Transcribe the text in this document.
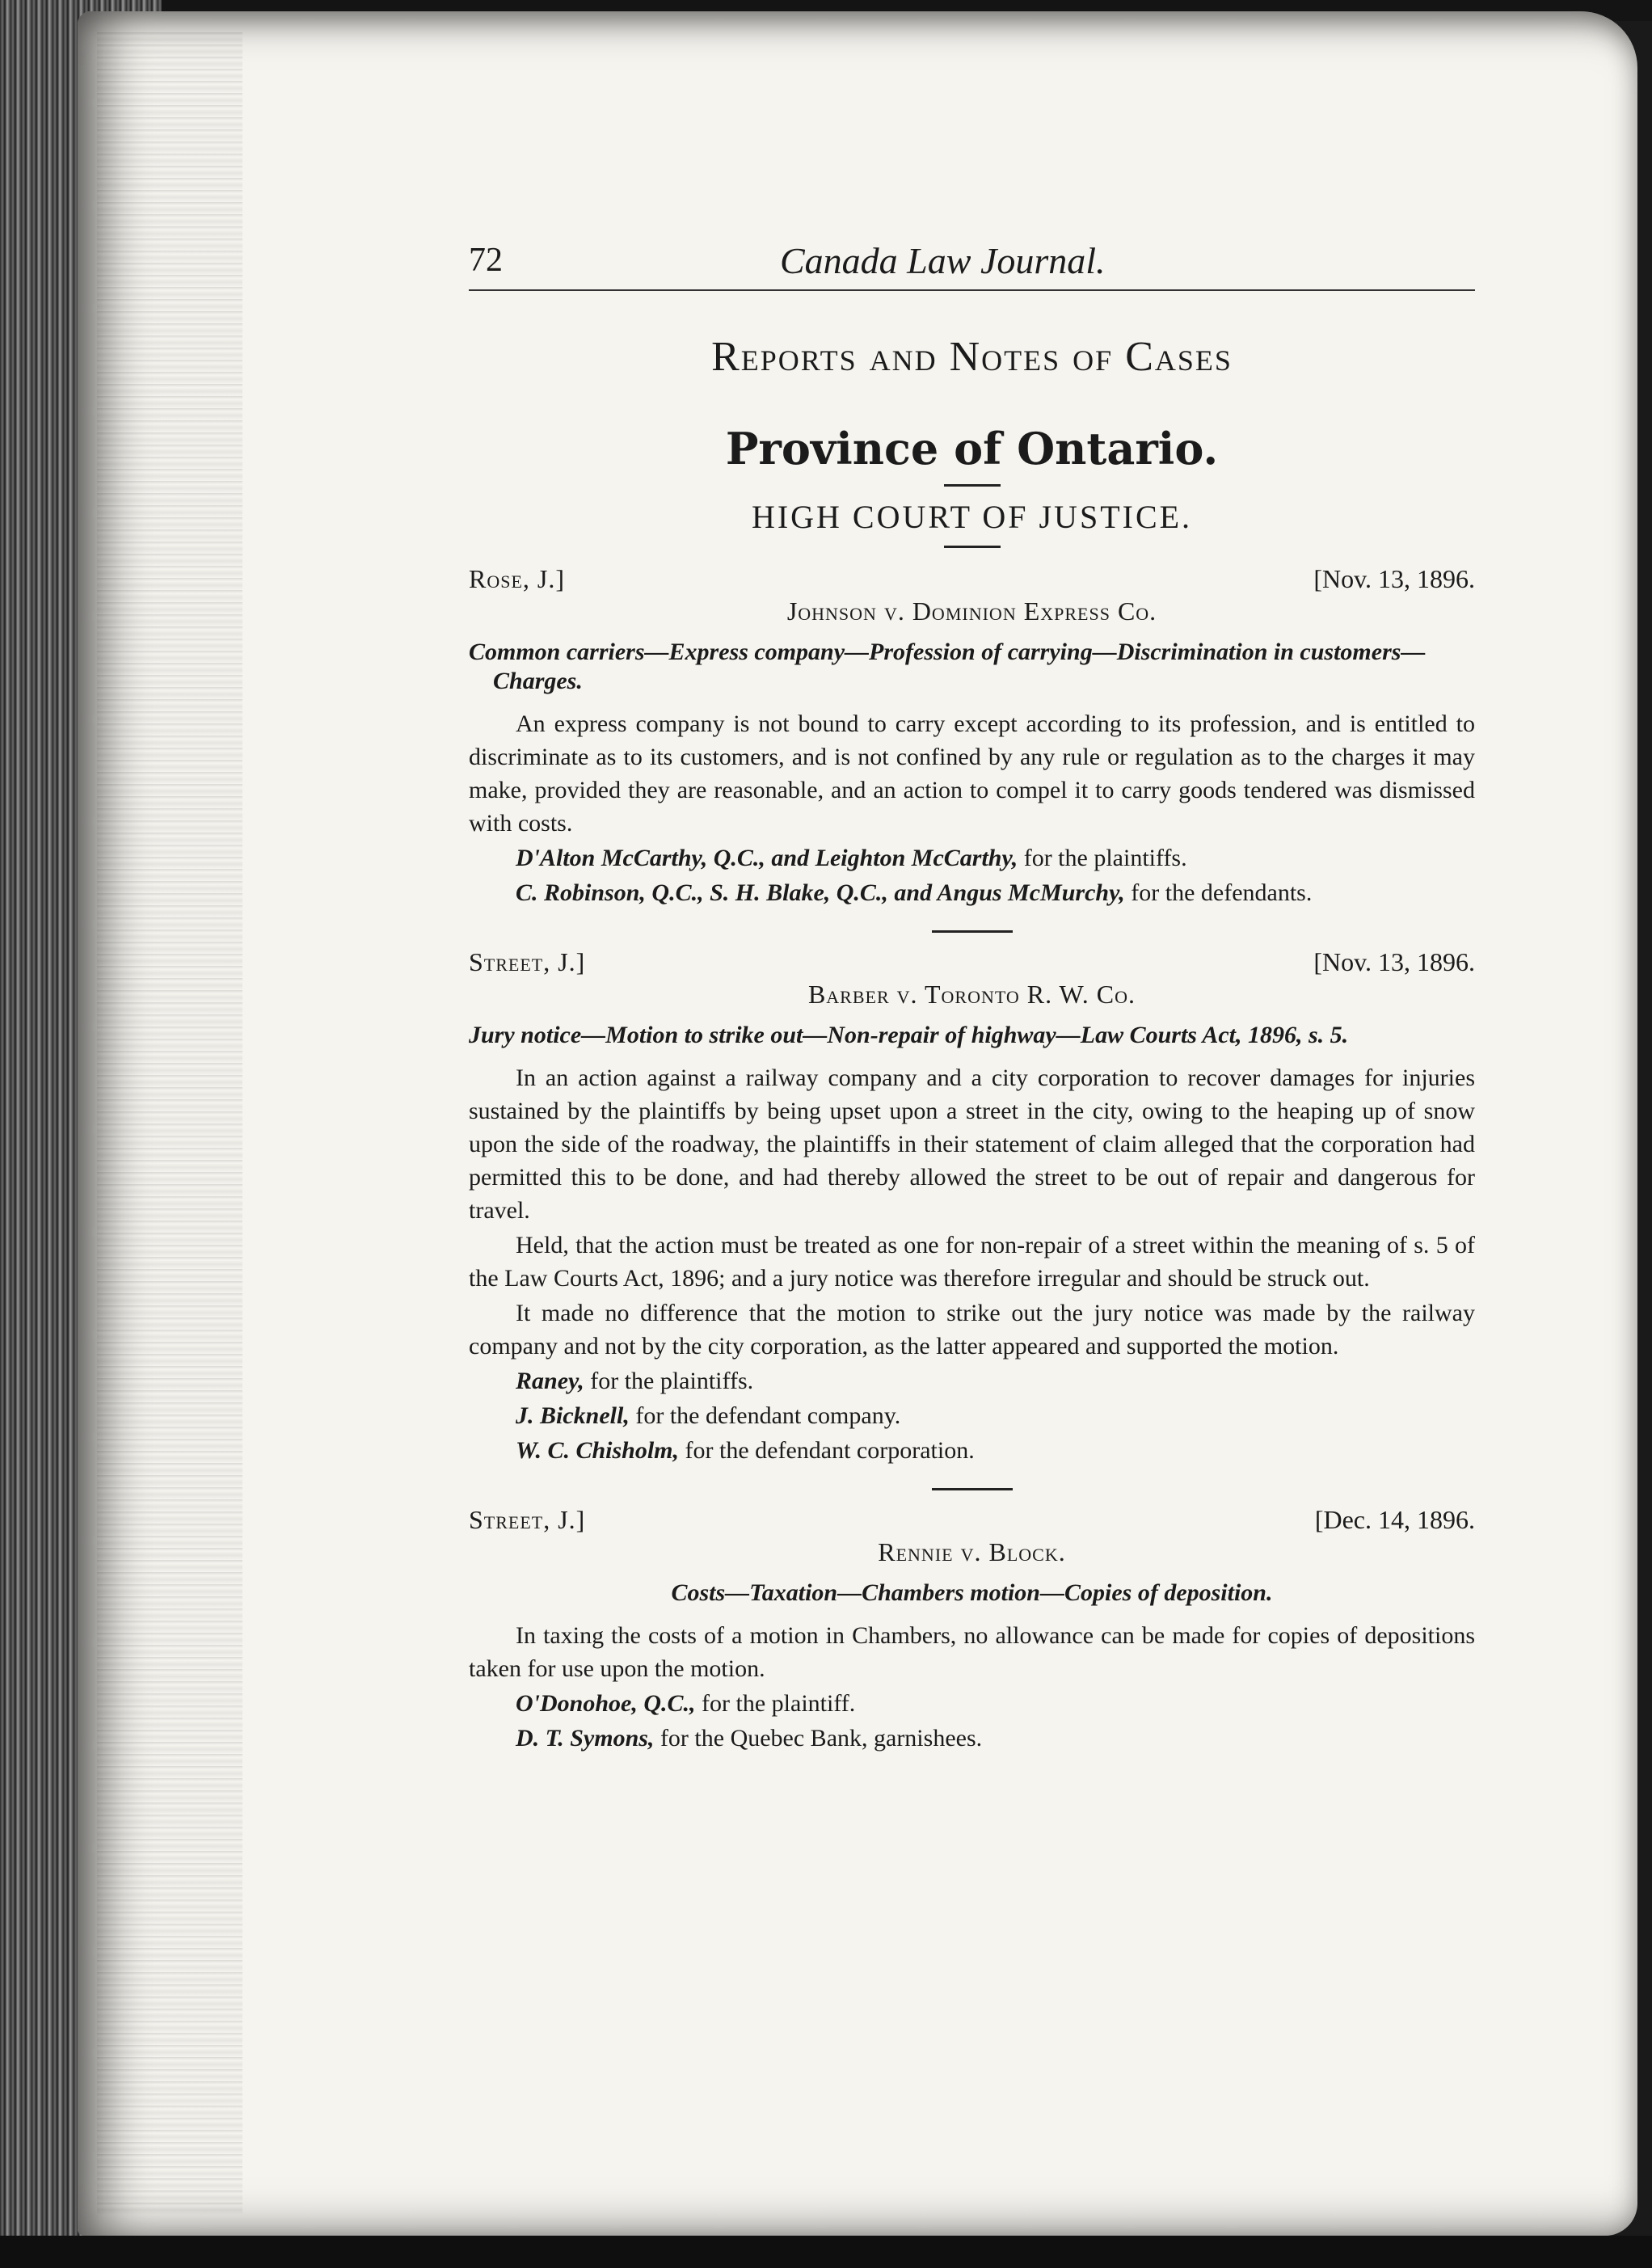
72	Canada Law Journal.
Reports and Notes of Cases
Province of Ontario.
HIGH COURT OF JUSTICE.
Rose, J.]	[Nov. 13, 1896.
Johnson v. Dominion Express Co.
Common carriers—Express company—Profession of carrying—Discrimination in customers—Charges.
An express company is not bound to carry except according to its profession, and is entitled to discriminate as to its customers, and is not confined by any rule or regulation as to the charges it may make, provided they are reasonable, and an action to compel it to carry goods tendered was dismissed with costs.
D'Alton McCarthy, Q.C., and Leighton McCarthy, for the plaintiffs.
C. Robinson, Q.C., S. H. Blake, Q.C., and Angus McMurchy, for the defendants.
Street, J.]	[Nov. 13, 1896.
Barber v. Toronto R. W. Co.
Jury notice—Motion to strike out—Non-repair of highway—Law Courts Act, 1896, s. 5.
In an action against a railway company and a city corporation to recover damages for injuries sustained by the plaintiffs by being upset upon a street in the city, owing to the heaping up of snow upon the side of the roadway, the plaintiffs in their statement of claim alleged that the corporation had permitted this to be done, and had thereby allowed the street to be out of repair and dangerous for travel.
Held, that the action must be treated as one for non-repair of a street within the meaning of s. 5 of the Law Courts Act, 1896; and a jury notice was therefore irregular and should be struck out.
It made no difference that the motion to strike out the jury notice was made by the railway company and not by the city corporation, as the latter appeared and supported the motion.
Raney, for the plaintiffs.
J. Bicknell, for the defendant company.
W. C. Chisholm, for the defendant corporation.
Street, J.]	[Dec. 14, 1896.
Rennie v. Block.
Costs—Taxation—Chambers motion—Copies of deposition.
In taxing the costs of a motion in Chambers, no allowance can be made for copies of depositions taken for use upon the motion.
O'Donohoe, Q.C., for the plaintiff.
D. T. Symons, for the Quebec Bank, garnishees.
